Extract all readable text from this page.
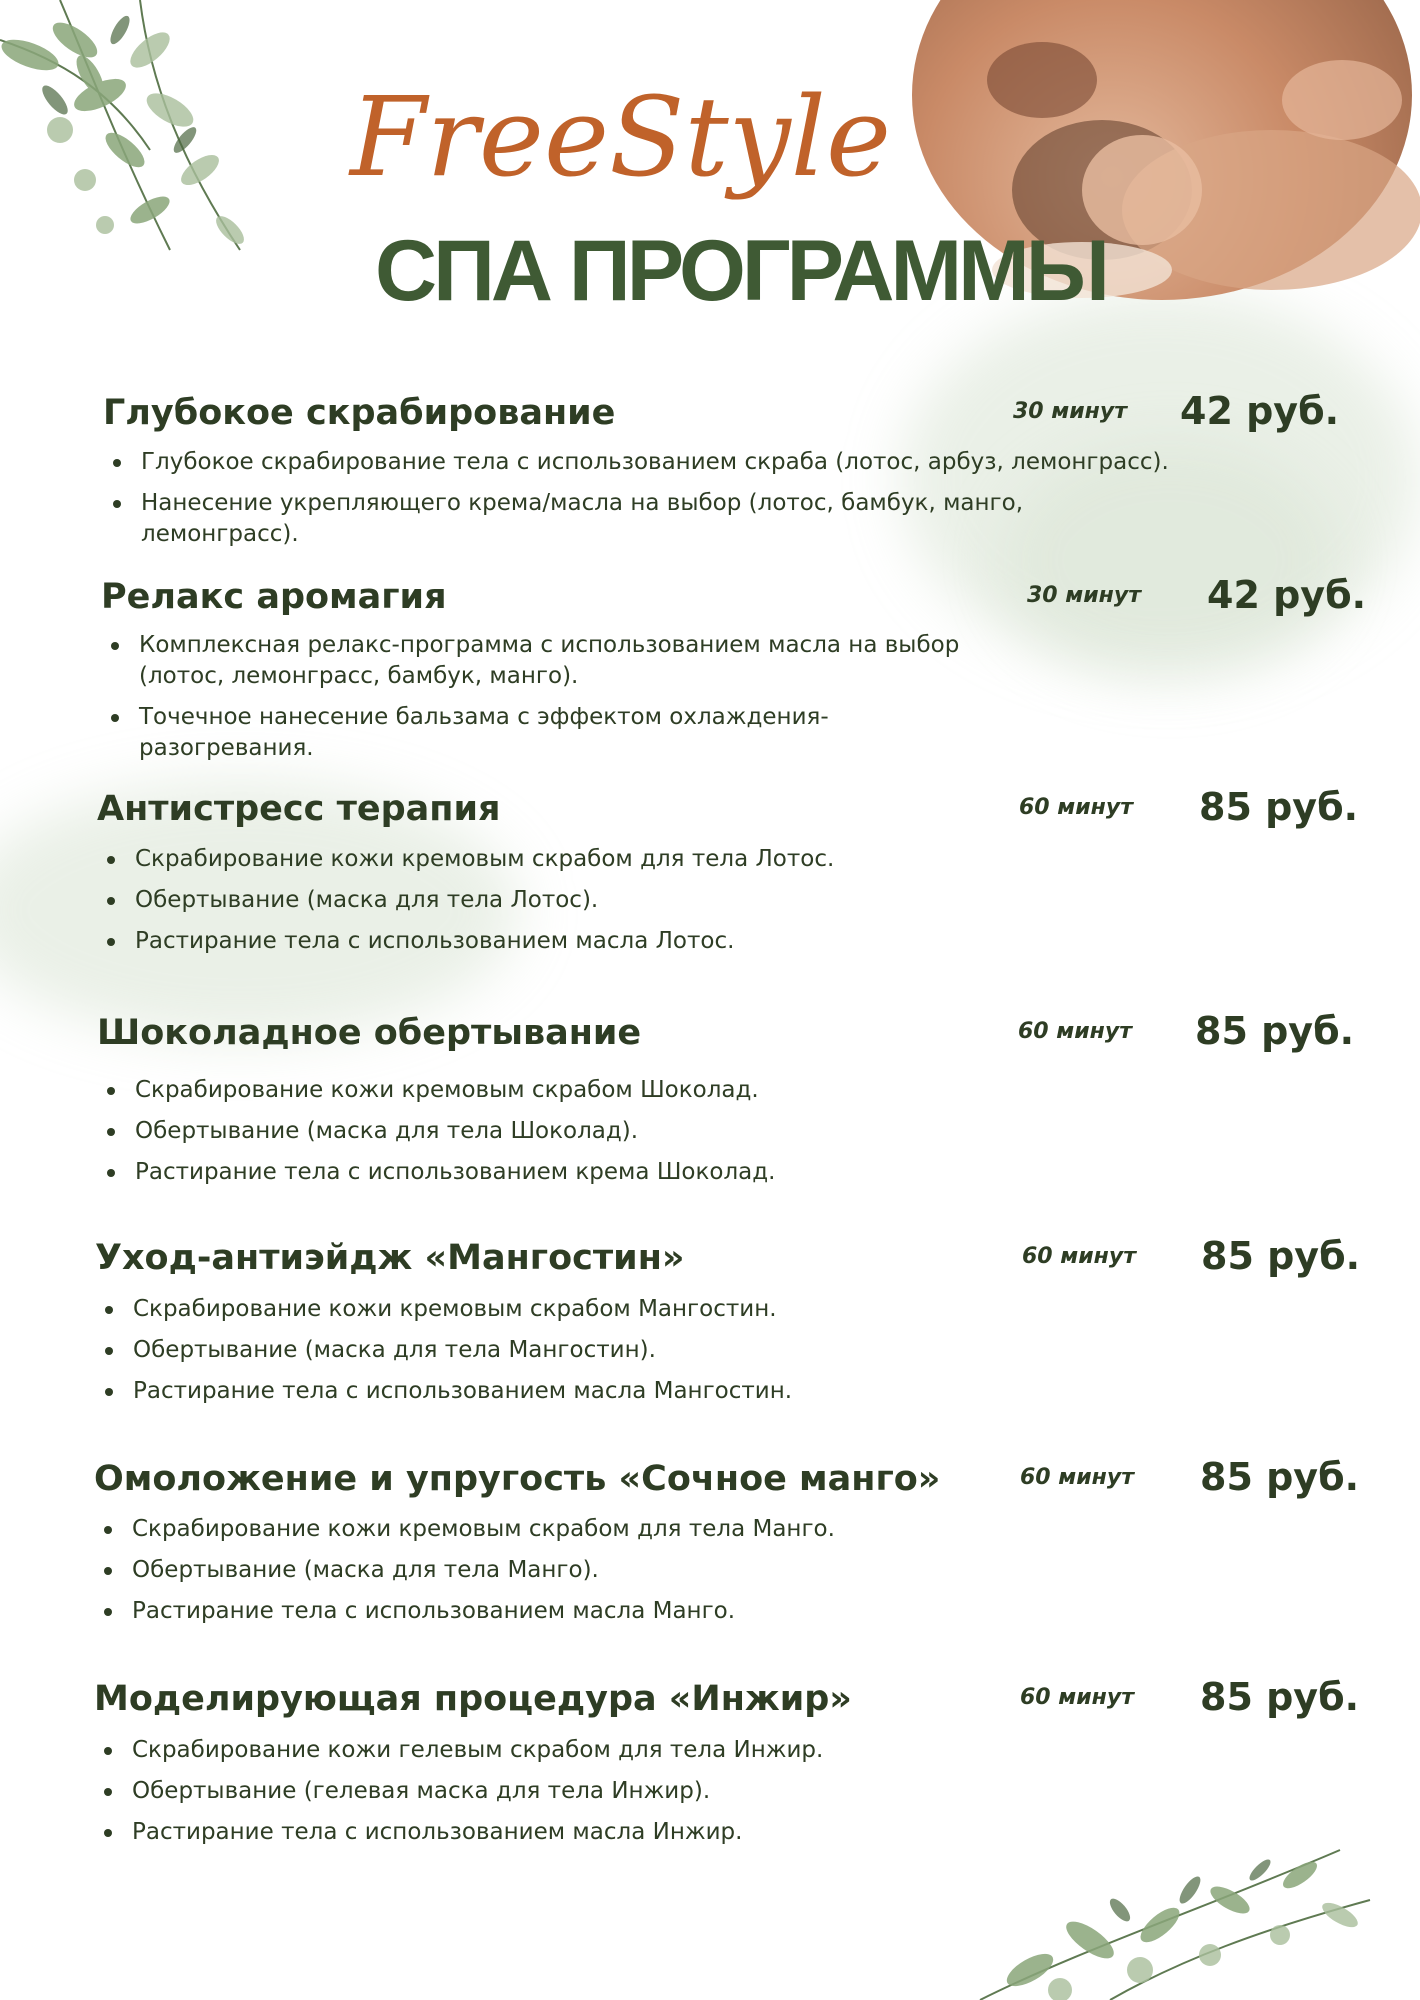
FreeStyle
СПА ПРОГРАММЫ
Глубокое скрабирование	30 минут 42 руб.
Глубокое скрабирование тела с использованием скраба (лотос, арбуз, лемонграсс).
Нанесение укрепляющего крема/масла на выбор (лотос, бамбук, манго, лемонграсс).
Релакс аромагия	30 минут 42 руб.
Комплексная релакс-программа с использованием масла на выбор (лотос, лемонграсс, бамбук, манго).
Точечное нанесение бальзама с эффектом охлаждения-разогревания.
Антистресс терапия	60 минут 85 руб.
Скрабирование кожи кремовым скрабом для тела Лотос.
Обертывание (маска для тела Лотос).
Растирание тела с использованием масла Лотос.
Шоколадное обертывание	60 минут 85 руб.
Скрабирование кожи кремовым скрабом Шоколад.
Обертывание (маска для тела Шоколад).
Растирание тела с использованием крема Шоколад.
Уход-антиэйдж «Мангостин»	60 минут 85 руб.
Скрабирование кожи кремовым скрабом Мангостин.
Обертывание (маска для тела Мангостин).
Растирание тела с использованием масла Мангостин.
Омоложение и упругость «Сочное манго»	60 минут 85 руб.
Скрабирование кожи кремовым скрабом для тела Манго.
Обертывание (маска для тела Манго).
Растирание тела с использованием масла Манго.
Моделирующая процедура «Инжир»	60 минут 85 руб.
Скрабирование кожи гелевым скрабом для тела Инжир.
Обертывание (гелевая маска для тела Инжир).
Растирание тела с использованием масла Инжир.
